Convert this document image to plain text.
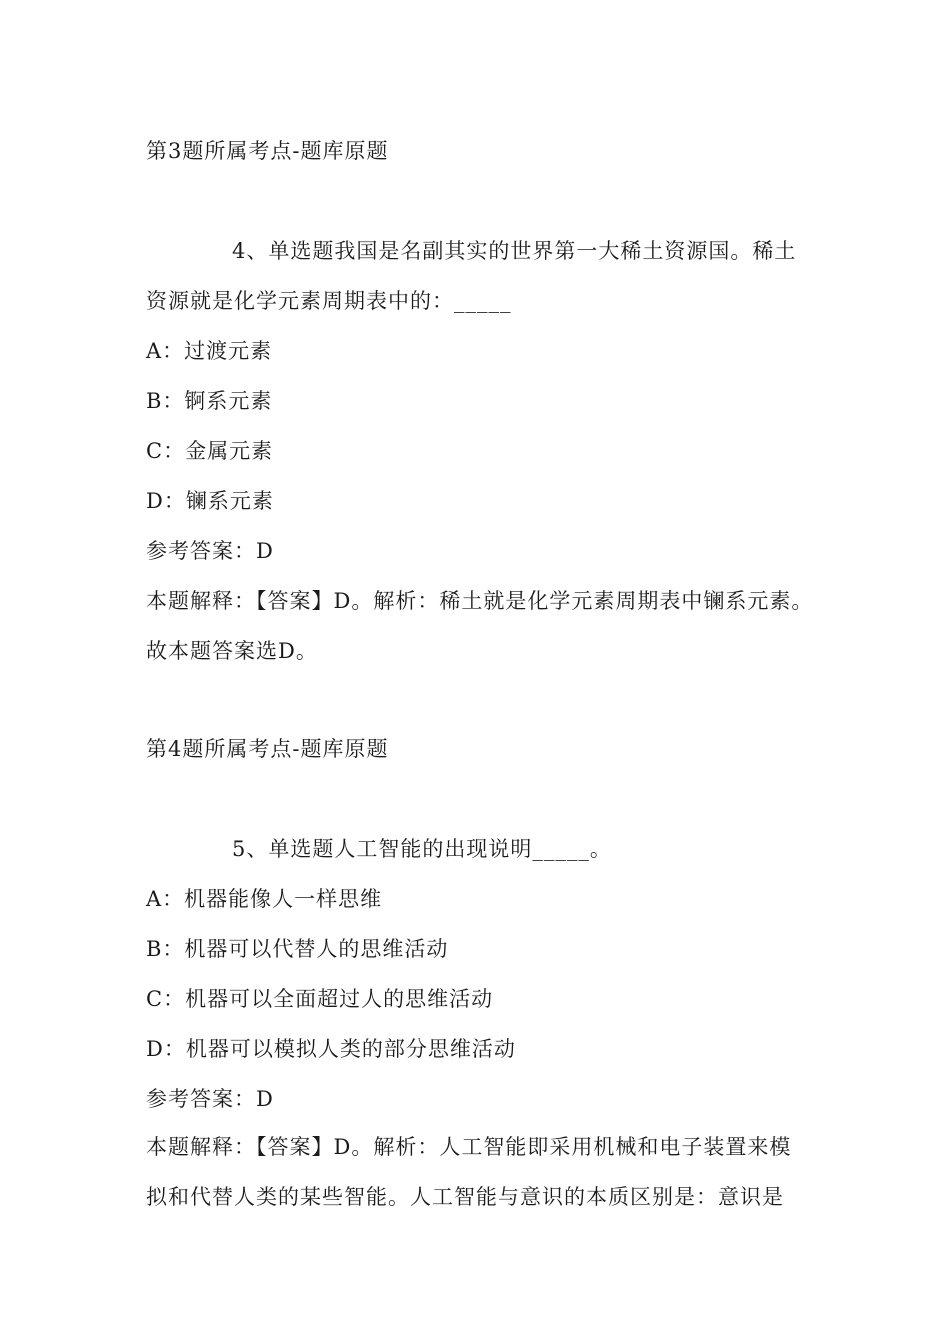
第3题所属考点-题库原题
4、单选题我国是名副其实的世界第一大稀土资源国。稀土
资源就是化学元素周期表中的：_____
A：过渡元素
B：锕系元素
C：金属元素
D：镧系元素
参考答案：D
本题解释：【答案】D。解析：稀土就是化学元素周期表中镧系元素。
故本题答案选D。
第4题所属考点-题库原题
5、单选题人工智能的出现说明_____。
A：机器能像人一样思维
B：机器可以代替人的思维活动
C：机器可以全面超过人的思维活动
D：机器可以模拟人类的部分思维活动
参考答案：D
本题解释：【答案】D。解析：人工智能即采用机械和电子装置来模
拟和代替人类的某些智能。人工智能与意识的本质区别是：意识是
